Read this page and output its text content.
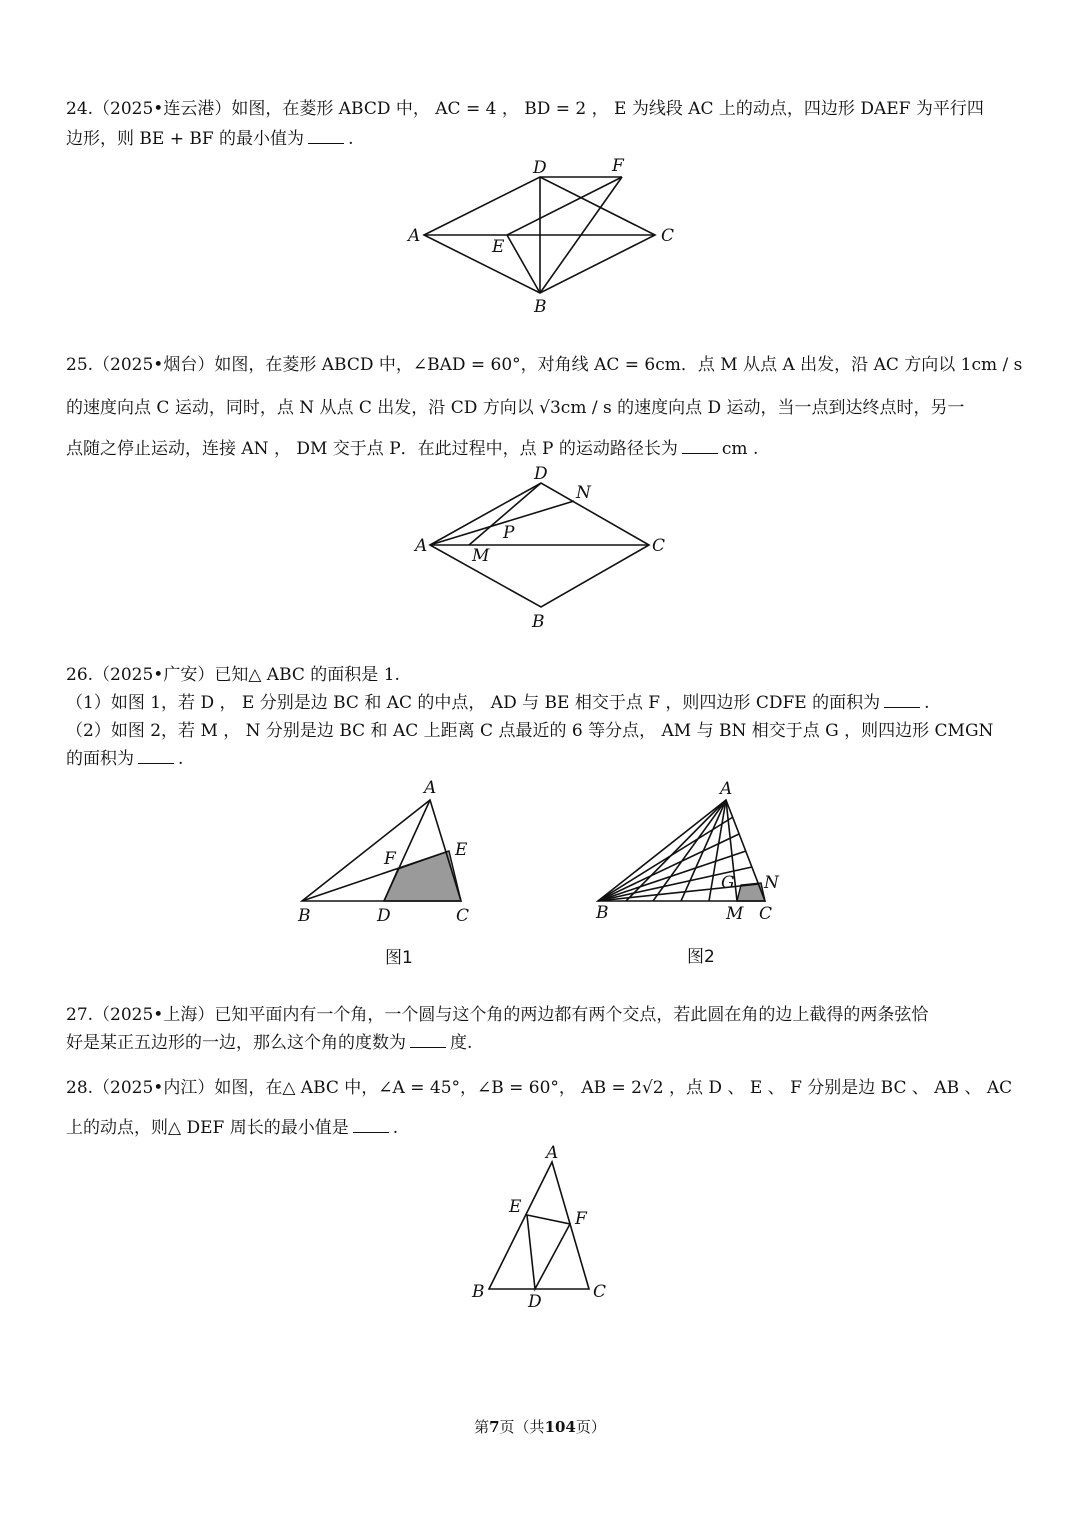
24.（2025•连云港）如图，在菱形 ABCD 中， AC = 4 ， BD = 2 ， E 为线段 AC 上的动点，四边形 DAEF 为平行四
边形，则 BE + BF 的最小值为	.
A
D	F
C
E
B
25.（2025•烟台）如图，在菱形 ABCD 中，∠BAD = 60°，对角线 AC = 6cm．点 M 从点 A 出发，沿 AC 方向以 1cm / s
的速度向点 C 运动，同时，点 N 从点 C 出发，沿 CD 方向以 √3cm / s 的速度向点 D 运动，当一点到达终点时，另一
点随之停止运动，连接 AN ， DM 交于点 P．在此过程中，点 P 的运动路径长为	cm .
A
D
N
P
M	C
B
26.（2025•广安）已知△ ABC 的面积是 1.
（1）如图 1，若 D ， E 分别是边 BC 和 AC 的中点， AD 与 BE 相交于点 F ，则四边形 CDFE 的面积为	.
（2）如图 2，若 M ， N 分别是边 BC 和 AC 上距离 C 点最近的 6 等分点， AM 与 BN 相交于点 G ，则四边形 CMGN
的面积为	.
A
E
F
B	D	C
图1
A
G N
B	M C
图2
27.（2025•上海）已知平面内有一个角，一个圆与这个角的两边都有两个交点，若此圆在角的边上截得的两条弦恰
好是某正五边形的一边，那么这个角的度数为	度.
28.（2025•内江）如图，在△ ABC 中，∠A = 45°，∠B = 60°， AB = 2√2 ，点 D 、 E 、 F 分别是边 BC 、 AB 、 AC
上的动点，则△ DEF 周长的最小值是	.
A
E
F
B	D	C
第7页（共104页）
